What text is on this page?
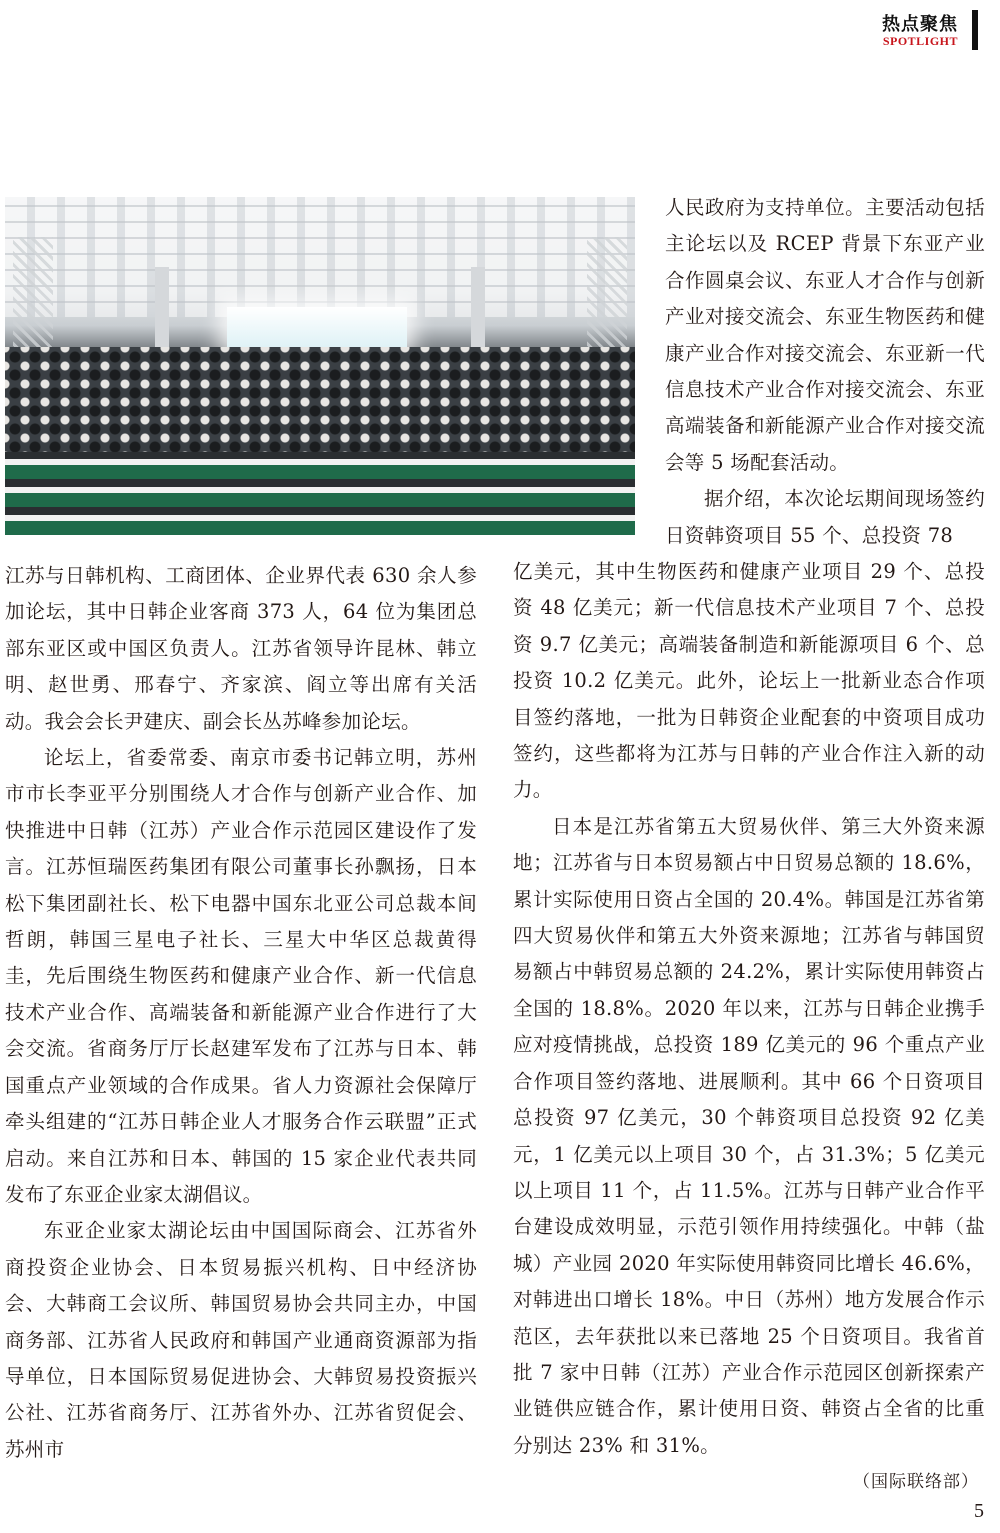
热点聚焦
SPOTLIGHT

人民政府为支持单位。主要活动包括主论坛以及 RCEP 背景下东亚产业合作圆桌会议、东亚人才合作与创新产业对接交流会、东亚生物医药和健康产业合作对接交流会、东亚新一代信息技术产业合作对接交流会、东亚高端装备和新能源产业合作对接交流会等 5 场配套活动。

据介绍，本次论坛期间现场签约日资韩资项目 55 个、总投资 78

江苏与日韩机构、工商团体、企业界代表 630 余人参加论坛，其中日韩企业客商 373 人，64 位为集团总部东亚区或中国区负责人。江苏省领导许昆林、韩立明、赵世勇、邢春宁、齐家滨、阎立等出席有关活动。我会会长尹建庆、副会长丛苏峰参加论坛。

论坛上，省委常委、南京市委书记韩立明，苏州市市长李亚平分别围绕人才合作与创新产业合作、加快推进中日韩（江苏）产业合作示范园区建设作了发言。江苏恒瑞医药集团有限公司董事长孙飘扬，日本松下集团副社长、松下电器中国东北亚公司总裁本间哲朗，韩国三星电子社长、三星大中华区总裁黄得圭，先后围绕生物医药和健康产业合作、新一代信息技术产业合作、高端装备和新能源产业合作进行了大会交流。省商务厅厅长赵建军发布了江苏与日本、韩国重点产业领域的合作成果。省人力资源社会保障厅牵头组建的“江苏日韩企业人才服务合作云联盟”正式启动。来自江苏和日本、韩国的 15 家企业代表共同发布了东亚企业家太湖倡议。

东亚企业家太湖论坛由中国国际商会、江苏省外商投资企业协会、日本贸易振兴机构、日中经济协会、大韩商工会议所、韩国贸易协会共同主办，中国商务部、江苏省人民政府和韩国产业通商资源部为指导单位，日本国际贸易促进协会、大韩贸易投资振兴公社、江苏省商务厅、江苏省外办、江苏省贸促会、苏州市

亿美元，其中生物医药和健康产业项目 29 个、总投资 48 亿美元；新一代信息技术产业项目 7 个、总投资 9.7 亿美元；高端装备制造和新能源项目 6 个、总投资 10.2 亿美元。此外，论坛上一批新业态合作项目签约落地，一批为日韩资企业配套的中资项目成功签约，这些都将为江苏与日韩的产业合作注入新的动力。

日本是江苏省第五大贸易伙伴、第三大外资来源地；江苏省与日本贸易额占中日贸易总额的 18.6%，累计实际使用日资占全国的 20.4%。韩国是江苏省第四大贸易伙伴和第五大外资来源地；江苏省与韩国贸易额占中韩贸易总额的 24.2%，累计实际使用韩资占全国的 18.8%。2020 年以来，江苏与日韩企业携手应对疫情挑战，总投资 189 亿美元的 96 个重点产业合作项目签约落地、进展顺利。其中 66 个日资项目总投资 97 亿美元，30 个韩资项目总投资 92 亿美元，1 亿美元以上项目 30 个，占 31.3%；5 亿美元以上项目 11 个，占 11.5%。江苏与日韩产业合作平台建设成效明显，示范引领作用持续强化。中韩（盐城）产业园 2020 年实际使用韩资同比增长 46.6%，对韩进出口增长 18%。中日（苏州）地方发展合作示范区，去年获批以来已落地 25 个日资项目。我省首批 7 家中日韩（江苏）产业合作示范园区创新探索产业链供应链合作，累计使用日资、韩资占全省的比重分别达 23% 和 31%。

（国际联络部）
5
